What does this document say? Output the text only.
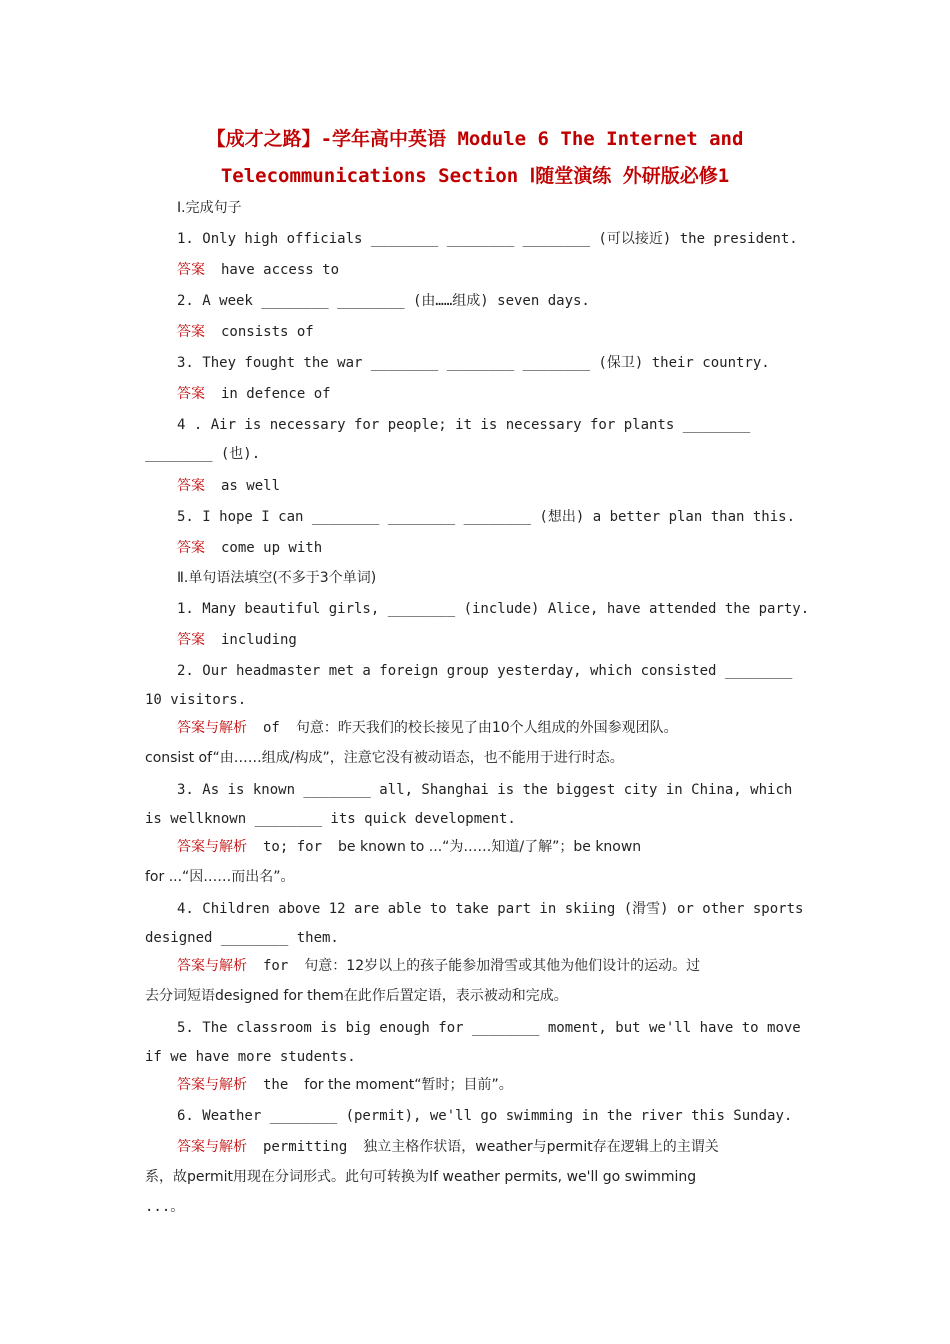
【成才之路】-学年高中英语 Module 6 The Internet and
Telecommunications Section Ⅰ随堂演练 外研版必修1
Ⅰ.完成句子
1. Only high officials ________ ________ ________ (可以接近) the president.
答案 have access to
2. A week ________ ________ (由……组成) seven days.
答案 consists of
3. They fought the war ________ ________ ________ (保卫) their country.
答案 in defence of
4 . Air is necessary for people; it is necessary for plants ________
________ (也).
答案 as well
5. I hope I can ________ ________ ________ (想出) a better plan than this.
答案 come up with
Ⅱ.单句语法填空(不多于3个单词)
1. Many beautiful girls, ________ (include) Alice, have attended the party.
答案 including
2. Our headmaster met a foreign group yesterday, which consisted ________
10 visitors.
答案与解析 of 句意：昨天我们的校长接见了由10个人组成的外国参观团队。
consist of“由……组成/构成”，注意它没有被动语态，也不能用于进行时态。
3. As is known ________ all, Shanghai is the biggest city in China, which
is wellknown ________ its quick development.
答案与解析 to; for be known to ...“为……知道/了解”；be known
for ...“因……而出名”。
4. Children above 12 are able to take part in skiing (滑雪) or other sports
designed ________ them.
答案与解析 for 句意：12岁以上的孩子能参加滑雪或其他为他们设计的运动。过
去分词短语designed for them在此作后置定语，表示被动和完成。
5. The classroom is big enough for ________ moment, but we'll have to move
if we have more students.
答案与解析 the for the moment“暂时；目前”。
6. Weather ________ (permit), we'll go swimming in the river this Sunday.
答案与解析 permitting 独立主格作状语，weather与permit存在逻辑上的主谓关
系，故permit用现在分词形式。此句可转换为If weather permits, we'll go swimming
...。
